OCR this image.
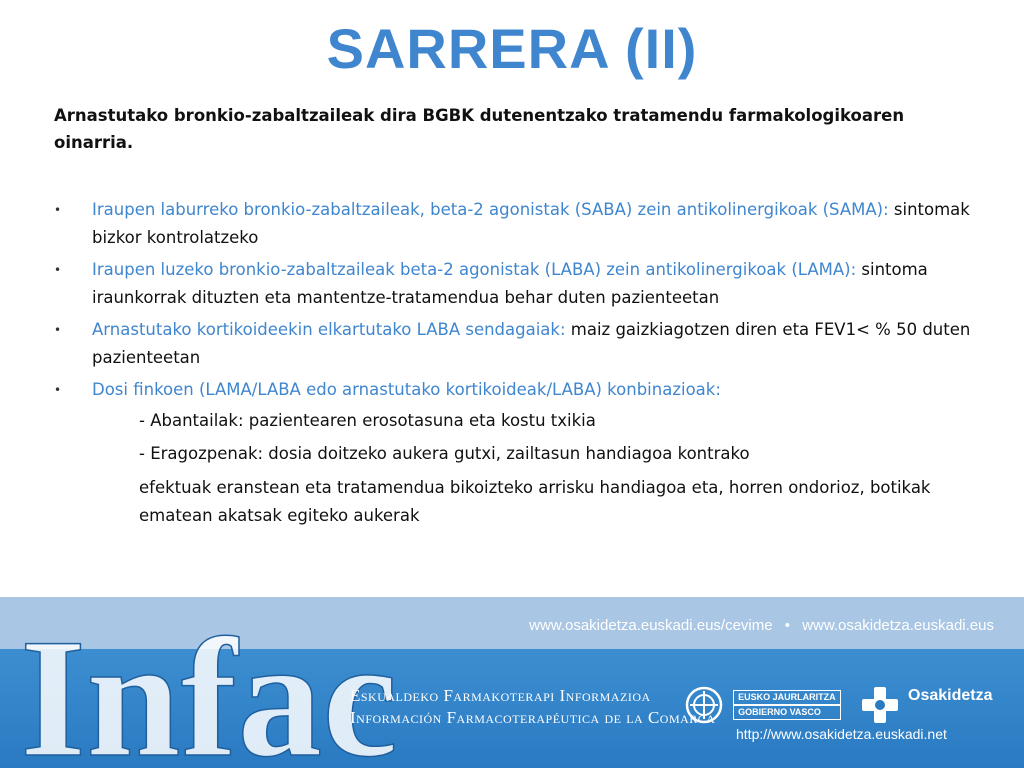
SARRERA (II)
Arnastutako bronkio-zabaltzaileak dira BGBK dutenentzako tratamendu farmakologikoaren oinarria.
• Iraupen laburreko bronkio-zabaltzaileak, beta-2 agonistak (SABA) zein antikolinergikoak (SAMA): sintomak bizkor kontrolatzeko
• Iraupen luzeko bronkio-zabaltzaileak beta-2 agonistak (LABA) zein antikolinergikoak (LAMA): sintoma iraunkorrak dituzten eta mantentze-tratamendua behar duten pazienteetan
• Arnastutako kortikoideekin elkartutako LABA sendagaiak: maiz gaizkiagotzen diren eta FEV1< % 50 duten pazienteetan
• Dosi finkoen (LAMA/LABA edo arnastutako kortikoideak/LABA) konbinazioak:
- Abantailak: pazientearen erosotasuna eta kostu txikia
- Eragozpenak: dosia doitzeko aukera gutxi, zailtasun handiagoa kontrako
efektuak eranstean eta tratamendua bikoizteko arrisku handiagoa eta, horren ondorioz, botikak ematean akatsak egiteko aukerak
Infac	www.osakidetza.euskadi.eus/cevime • www.osakidetza.euskadi.eus
Eskualdeko Farmakoterapi Informazioa
Información Farmacoterapéutica de la Comarca

EUSKO JAURLARITZA
GOBIERNO VASCO
Osakidetza
http://www.osakidetza.euskadi.net
